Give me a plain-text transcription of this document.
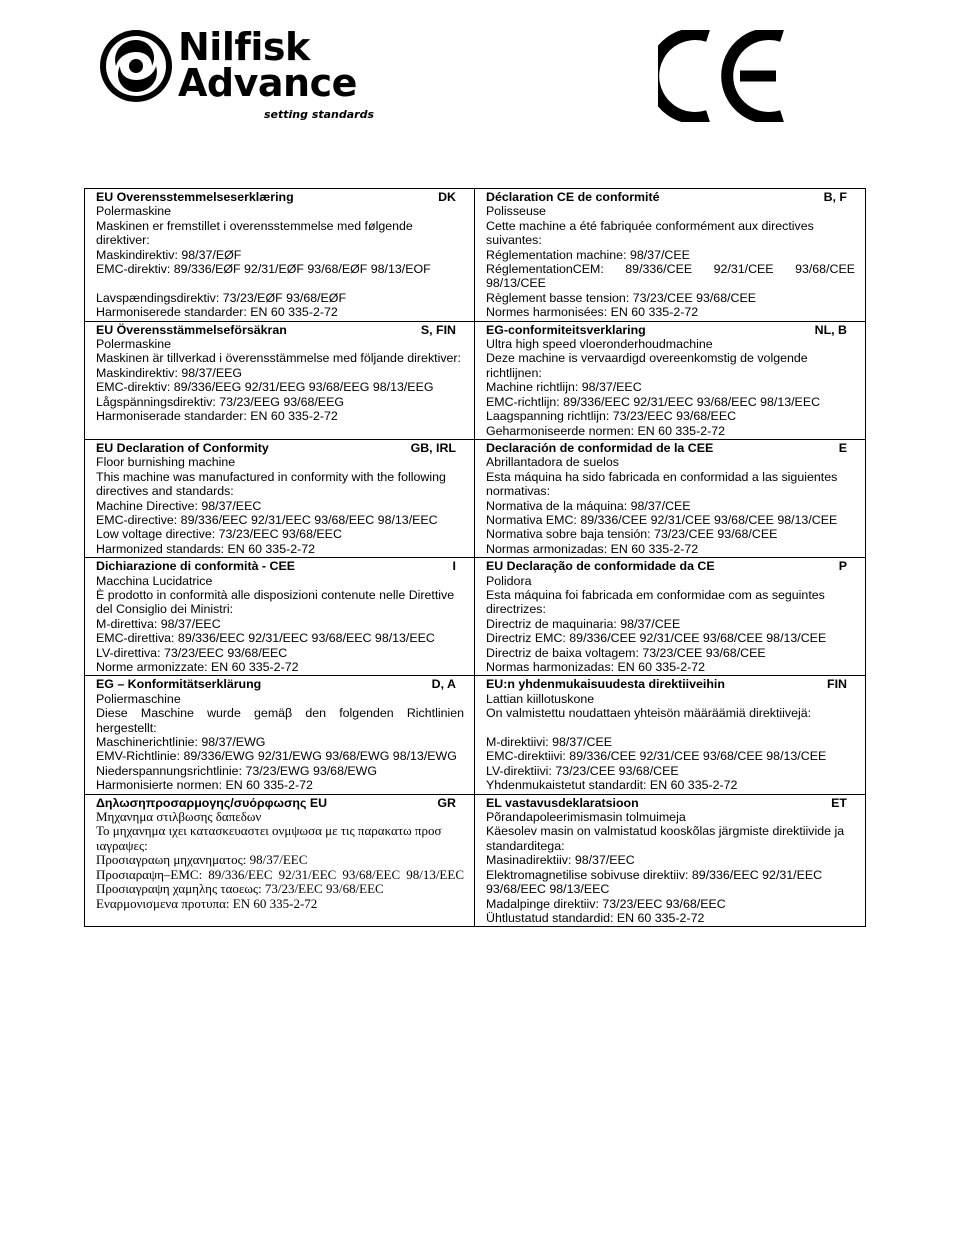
Nilfisk
Advance
setting standards
EU Overensstemmelseserklæring	DK
Polermaskine
Maskinen er fremstillet i overensstemmelse med følgende direktiver:
Maskindirektiv: 98/37/EØF
EMC-direktiv: 89/336/EØF 92/31/EØF 93/68/EØF 98/13/EOF
Lavspændingsdirektiv: 73/23/EØF 93/68/EØF
Harmoniserede standarder: EN 60 335-2-72
Déclaration CE de conformité	B, F
Polisseuse
Cette machine a été fabriquée conformément aux directives suivantes:
Réglementation machine: 98/37/CEE
RéglementationCEM: 89/336/CEE 92/31/CEE 93/68/CEE 98/13/CEE
Règlement basse tension: 73/23/CEE 93/68/CEE
Normes harmonisées: EN 60 335-2-72
EU Överensstämmelseförsäkran	S, FIN
Polermaskine
Maskinen är tillverkad i överensstämmelse med följande direktiver:
Maskindirektiv: 98/37/EEG
EMC-direktiv: 89/336/EEG 92/31/EEG 93/68/EEG 98/13/EEG
Lågspänningsdirektiv: 73/23/EEG 93/68/EEG
Harmoniserade standarder: EN 60 335-2-72
EG-conformiteitsverklaring	NL, B
Ultra high speed vloeronderhoudmachine
Deze machine is vervaardigd overeenkomstig de volgende richtlijnen:
Machine richtlijn: 98/37/EEC
EMC-richtlijn: 89/336/EEC 92/31/EEC 93/68/EEC 98/13/EEC
Laagspanning richtlijn: 73/23/EEC 93/68/EEC
Geharmoniseerde normen: EN 60 335-2-72
EU Declaration of Conformity	GB, IRL
Floor burnishing machine
This machine was manufactured in conformity with the following directives and standards:
Machine Directive: 98/37/EEC
EMC-directive: 89/336/EEC 92/31/EEC 93/68/EEC 98/13/EEC
Low voltage directive: 73/23/EEC 93/68/EEC
Harmonized standards: EN 60 335-2-72
Declaración de conformidad de la CEE	E
Abrillantadora de suelos
Esta máquina ha sido fabricada en conformidad a las siguientes normativas:
Normativa de la máquina: 98/37/CEE
Normativa EMC: 89/336/CEE 92/31/CEE 93/68/CEE 98/13/CEE
Normativa sobre baja tensión: 73/23/CEE 93/68/CEE
Normas armonizadas: EN 60 335-2-72
Dichiarazione di conformità - CEE	I
Macchina Lucidatrice
È prodotto in conformità alle disposizioni contenute nelle Direttive del Consiglio dei Ministri:
M-direttiva: 98/37/EEC
EMC-direttiva: 89/336/EEC 92/31/EEC 93/68/EEC 98/13/EEC
LV-direttiva: 73/23/EEC 93/68/EEC
Norme armonizzate: EN 60 335-2-72
EU Declaração de conformidade da CE	P
Polidora
Esta máquina foi fabricada em conformidae com as seguintes directrizes:
Directriz de maquinaria: 98/37/CEE
Directriz EMC: 89/336/CEE 92/31/CEE 93/68/CEE 98/13/CEE
Directriz de baixa voltagem: 73/23/CEE 93/68/CEE
Normas harmonizadas: EN 60 335-2-72
EG – Konformitätserklärung	D, A
Poliermaschine
Diese Maschine wurde gemäβ den folgenden Richtlinien hergestellt:
Maschinerichtlinie: 98/37/EWG
EMV-Richtlinie: 89/336/EWG 92/31/EWG 93/68/EWG 98/13/EWG
Niederspannungsrichtlinie: 73/23/EWG 93/68/EWG
Harmonisierte normen: EN 60 335-2-72
EU:n yhdenmukaisuudesta direktiiveihin	FIN
Lattian kiillotuskone
On valmistettu noudattaen yhteisön määräämiä direktiivejä:
M-direktiivi: 98/37/CEE
EMC-direktiivi: 89/336/CEE 92/31/CEE 93/68/CEE 98/13/CEE
LV-direktiivi: 73/23/CEE 93/68/CEE
Yhdenmukaistetut standardit: EN 60 335-2-72
Δηλωσηπροσαρμογης/συόρφωσης EU	GR
Μηχανημα στιλβωσης δαπεδων
Το μηχανημα ιχει κατασκευαστει ονμψωσα με τις παρακατω προσ ιαγραψες:
Προσιαγραωη μηχανηματος: 98/37/EEC
Προσιαραψη–EMC: 89/336/EEC 92/31/EEC 93/68/EEC 98/13/EEC
Προσιαγραψη χαμηλης ταοεως: 73/23/EEC 93/68/EEC
Εναρμονισμενα προτυπα: EN 60 335-2-72
EL vastavusdeklaratsioon	ET
Põrandapoleerimismasin tolmuimeja
Käesolev masin on valmistatud kooskõlas järgmiste direktiivide ja standarditega:
Masinadirektiiv: 98/37/EEC
Elektromagnetilise sobivuse direktiiv: 89/336/EEC 92/31/EEC 93/68/EEC 98/13/EEC
Madalpinge direktiiv: 73/23/EEC 93/68/EEC
Ühtlustatud standardid: EN 60 335-2-72
